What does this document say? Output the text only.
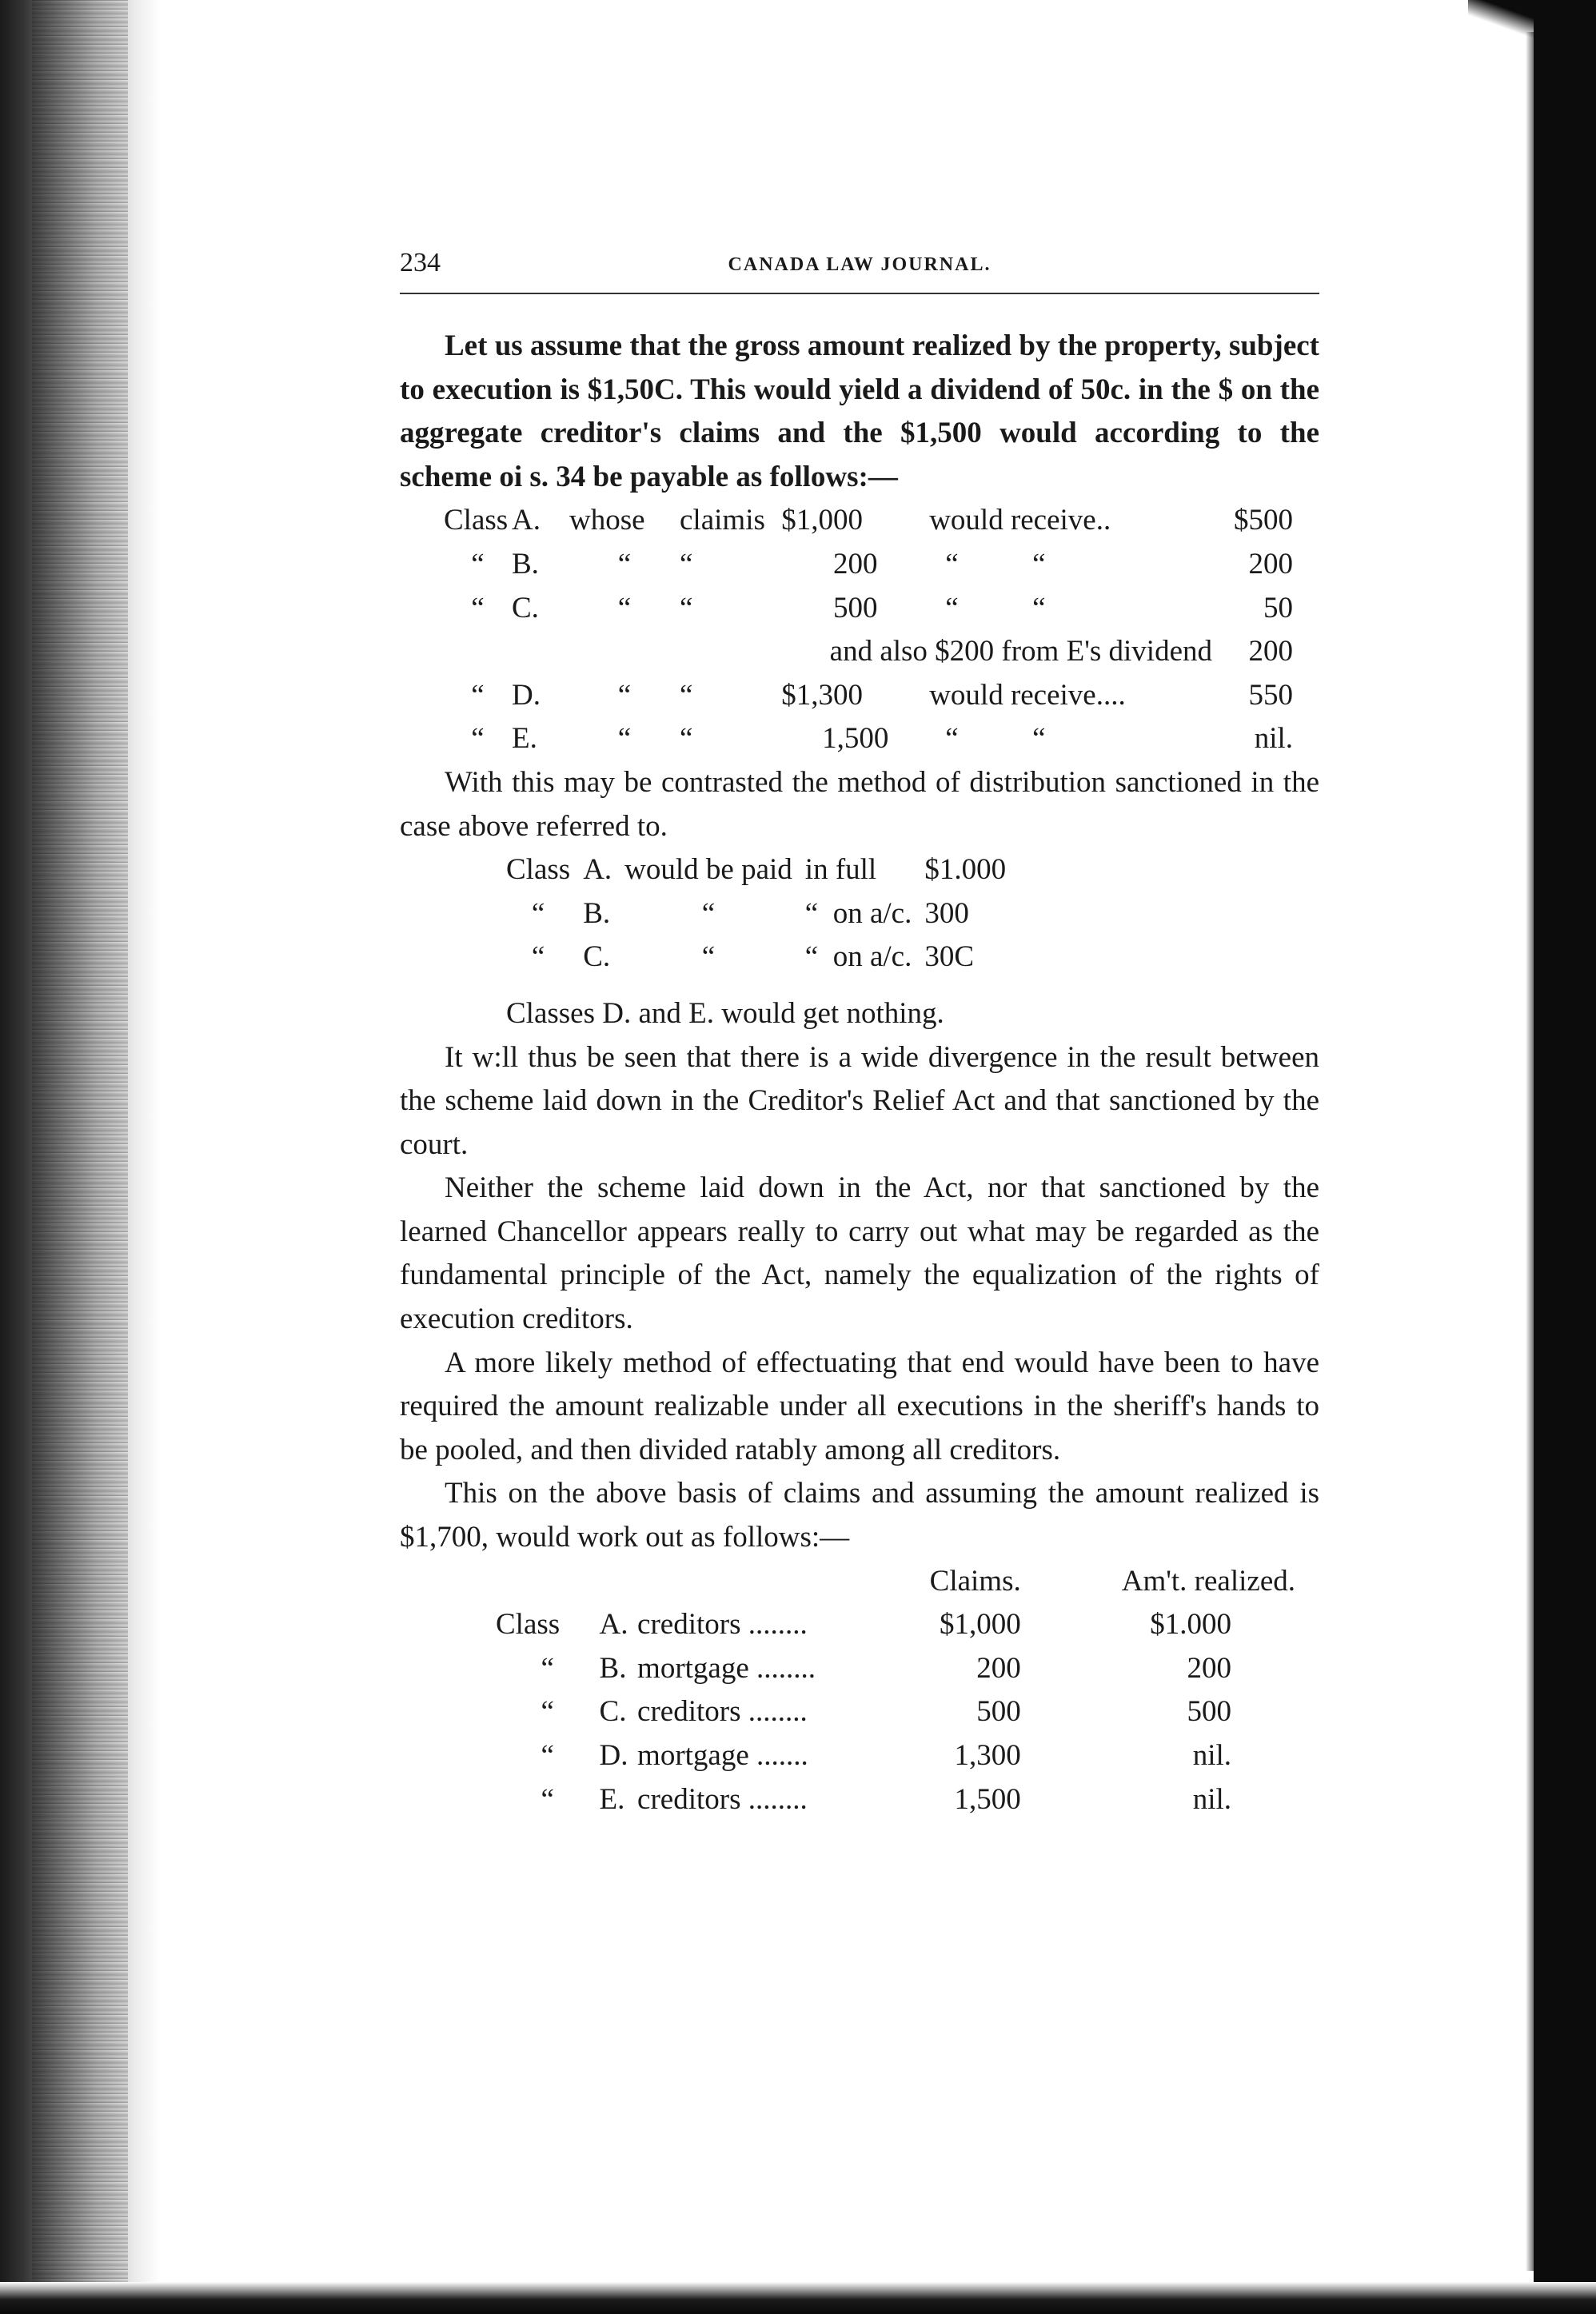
234	CANADA LAW JOURNAL.

Let us assume that the gross amount realized by the property, subject to execution is $1,50C. This would yield a dividend of 50c. in the $ on the aggregate creditor's claims and the $1,500 would according to the scheme oi s. 34 be payable as follows:—

Class	A.	whose	claim	is	$1,000	would receive..	$500
“	B.	“	“		200	“          “	200
“	C.	“	“		500	“          “	50
and also $200 from E's dividend							200
“	D.	“	“		$1,300	would receive....	550
“	E.	“	“		1,500	“          “	nil.

With this may be contrasted the method of distribution sanctioned in the case above referred to.

Class	A.	would be paid	in full	$1.000
“	B.	“	“  on a/c.	300
“	C.	“	“  on a/c.	30C
Classes D. and E. would get nothing.

It w:ll thus be seen that there is a wide divergence in the result between the scheme laid down in the Creditor's Relief Act and that sanctioned by the court.

Neither the scheme laid down in the Act, nor that sanctioned by the learned Chancellor appears really to carry out what may be regarded as the fundamental principle of the Act, namely the equalization of the rights of execution creditors.

A more likely method of effectuating that end would have been to have required the amount realizable under all executions in the sheriff's hands to be pooled, and then divided ratably among all creditors.

This on the above basis of claims and assuming the amount realized is $1,700, would work out as follows:—

			Claims.	Am't. realized.
Class	A.	creditors ........	$1,000	$1.000
“	B.	mortgage ........	200	200
“	C.	creditors ........	500	500
“	D.	mortgage .......	1,300	nil.
“	E.	creditors ........	1,500	nil.
